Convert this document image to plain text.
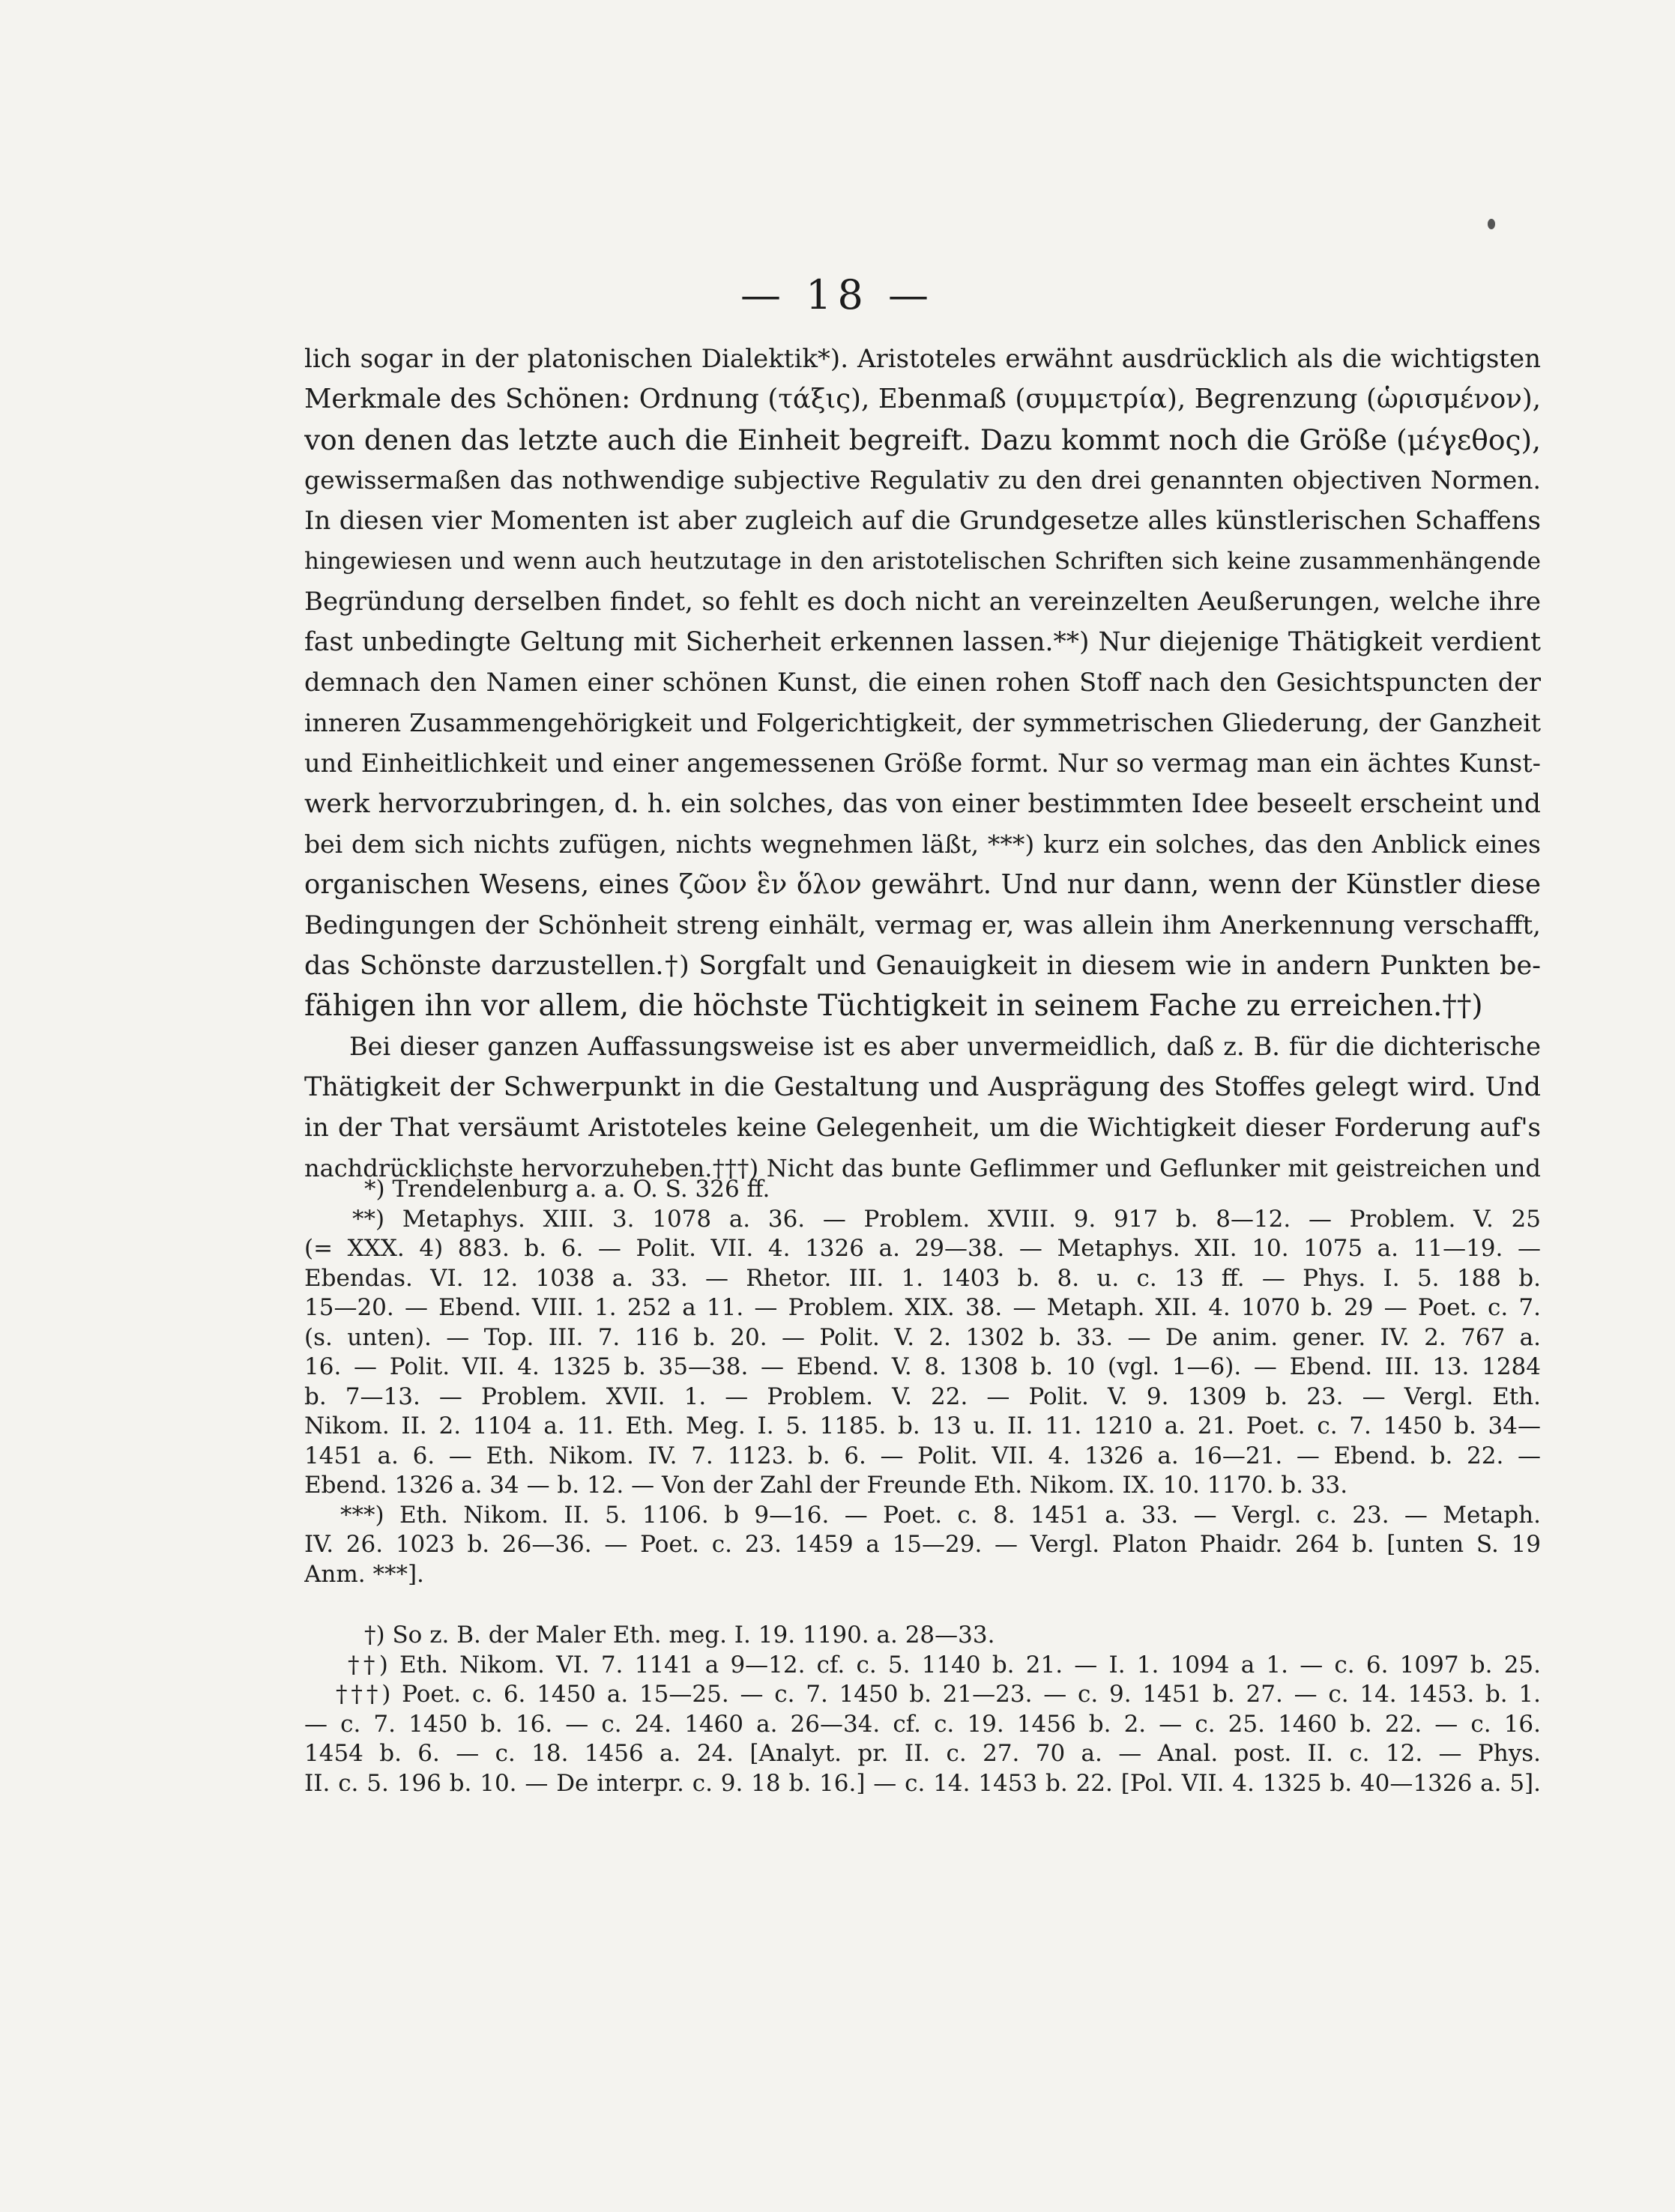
— 18 —
lich sogar in der platonischen Dialektik*). Aristoteles erwähnt ausdrücklich als die wichtigsten
Merkmale des Schönen: Ordnung (τάξις), Ebenmaß (συμμετρία), Begrenzung (ὡρισμένον),
von denen das letzte auch die Einheit begreift. Dazu kommt noch die Größe (μέγεθος),
gewissermaßen das nothwendige subjective Regulativ zu den drei genannten objectiven Normen.
In diesen vier Momenten ist aber zugleich auf die Grundgesetze alles künstlerischen Schaffens
hingewiesen und wenn auch heutzutage in den aristotelischen Schriften sich keine zusammenhängende
Begründung derselben findet, so fehlt es doch nicht an vereinzelten Aeußerungen, welche ihre
fast unbedingte Geltung mit Sicherheit erkennen lassen.**) Nur diejenige Thätigkeit verdient
demnach den Namen einer schönen Kunst, die einen rohen Stoff nach den Gesichtspuncten der
inneren Zusammengehörigkeit und Folgerichtigkeit, der symmetrischen Gliederung, der Ganzheit
und Einheitlichkeit und einer angemessenen Größe formt. Nur so vermag man ein ächtes Kunst-
werk hervorzubringen, d. h. ein solches, das von einer bestimmten Idee beseelt erscheint und
bei dem sich nichts zufügen, nichts wegnehmen läßt, ***) kurz ein solches, das den Anblick eines
organischen Wesens, eines ζῶον ἓν ὅλον gewährt. Und nur dann, wenn der Künstler diese
Bedingungen der Schönheit streng einhält, vermag er, was allein ihm Anerkennung verschafft,
das Schönste darzustellen.†) Sorgfalt und Genauigkeit in diesem wie in andern Punkten be-
fähigen ihn vor allem, die höchste Tüchtigkeit in seinem Fache zu erreichen.††)
Bei dieser ganzen Auffassungsweise ist es aber unvermeidlich, daß z. B. für die dichterische
Thätigkeit der Schwerpunkt in die Gestaltung und Ausprägung des Stoffes gelegt wird. Und
in der That versäumt Aristoteles keine Gelegenheit, um die Wichtigkeit dieser Forderung auf's
nachdrücklichste hervorzuheben.†††) Nicht das bunte Geflimmer und Geflunker mit geistreichen und
*) Trendelenburg a. a. O. S. 326 ff.
**) Metaphys. XIII. 3. 1078 a. 36. — Problem. XVIII. 9. 917 b. 8—12. — Problem. V. 25
(= XXX. 4) 883. b. 6. — Polit. VII. 4. 1326 a. 29—38. — Metaphys. XII. 10. 1075 a. 11—19. —
Ebendas. VI. 12. 1038 a. 33. — Rhetor. III. 1. 1403 b. 8. u. c. 13 ff. — Phys. I. 5. 188 b.
15—20. — Ebend. VIII. 1. 252 a 11. — Problem. XIX. 38. — Metaph. XII. 4. 1070 b. 29 — Poet. c. 7.
(s. unten). — Top. III. 7. 116 b. 20. — Polit. V. 2. 1302 b. 33. — De anim. gener. IV. 2. 767 a.
16. — Polit. VII. 4. 1325 b. 35—38. — Ebend. V. 8. 1308 b. 10 (vgl. 1—6). — Ebend. III. 13. 1284
b. 7—13. — Problem. XVII. 1. — Problem. V. 22. — Polit. V. 9. 1309 b. 23. — Vergl. Eth.
Nikom. II. 2. 1104 a. 11. Eth. Meg. I. 5. 1185. b. 13 u. II. 11. 1210 a. 21. Poet. c. 7. 1450 b. 34—
1451 a. 6. — Eth. Nikom. IV. 7. 1123. b. 6. — Polit. VII. 4. 1326 a. 16—21. — Ebend. b. 22. —
Ebend. 1326 a. 34 — b. 12. — Von der Zahl der Freunde Eth. Nikom. IX. 10. 1170. b. 33.
***) Eth. Nikom. II. 5. 1106. b 9—16. — Poet. c. 8. 1451 a. 33. — Vergl. c. 23. — Metaph.
IV. 26. 1023 b. 26—36. — Poet. c. 23. 1459 a 15—29. — Vergl. Platon Phaidr. 264 b. [unten S. 19
Anm. ***].
†) So z. B. der Maler Eth. meg. I. 19. 1190. a. 28—33.
††) Eth. Nikom. VI. 7. 1141 a 9—12. cf. c. 5. 1140 b. 21. — I. 1. 1094 a 1. — c. 6. 1097 b. 25.
†††) Poet. c. 6. 1450 a. 15—25. — c. 7. 1450 b. 21—23. — c. 9. 1451 b. 27. — c. 14. 1453. b. 1.
— c. 7. 1450 b. 16. — c. 24. 1460 a. 26—34. cf. c. 19. 1456 b. 2. — c. 25. 1460 b. 22. — c. 16.
1454 b. 6. — c. 18. 1456 a. 24. [Analyt. pr. II. c. 27. 70 a. — Anal. post. II. c. 12. — Phys.
II. c. 5. 196 b. 10. — De interpr. c. 9. 18 b. 16.] — c. 14. 1453 b. 22. [Pol. VII. 4. 1325 b. 40—1326 a. 5].
